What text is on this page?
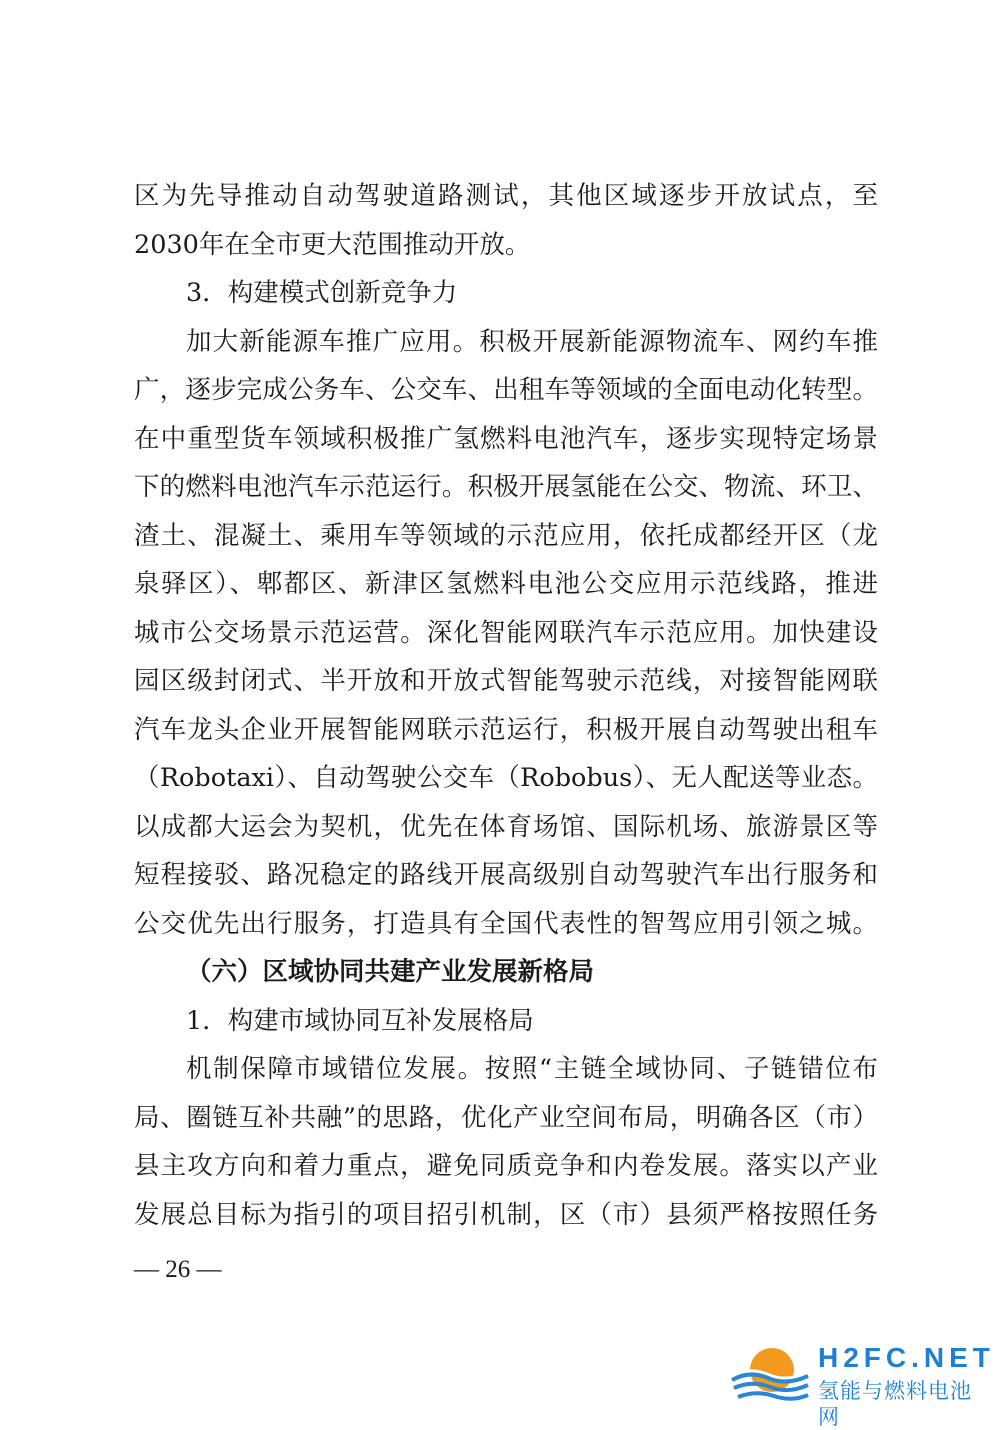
区为先导推动自动驾驶道路测试，其他区域逐步开放试点，至
2030年在全市更大范围推动开放。
3．构建模式创新竞争力
加大新能源车推广应用。积极开展新能源物流车、网约车推
广，逐步完成公务车、公交车、出租车等领域的全面电动化转型。
在中重型货车领域积极推广氢燃料电池汽车，逐步实现特定场景
下的燃料电池汽车示范运行。积极开展氢能在公交、物流、环卫、
渣土、混凝土、乘用车等领域的示范应用，依托成都经开区（龙
泉驿区）、郫都区、新津区氢燃料电池公交应用示范线路，推进
城市公交场景示范运营。深化智能网联汽车示范应用。加快建设
园区级封闭式、半开放和开放式智能驾驶示范线，对接智能网联
汽车龙头企业开展智能网联示范运行，积极开展自动驾驶出租车
（Robotaxi）、自动驾驶公交车（Robobus）、无人配送等业态。
以成都大运会为契机，优先在体育场馆、国际机场、旅游景区等
短程接驳、路况稳定的路线开展高级别自动驾驶汽车出行服务和
公交优先出行服务，打造具有全国代表性的智驾应用引领之城。
（六）区域协同共建产业发展新格局
1．构建市域协同互补发展格局
机制保障市域错位发展。按照“主链全域协同、子链错位布
局、圈链互补共融”的思路，优化产业空间布局，明确各区（市）
县主攻方向和着力重点，避免同质竞争和内卷发展。落实以产业
发展总目标为指引的项目招引机制，区（市）县须严格按照任务
— 26 —
H2FC.NET
氢能与燃料电池网
